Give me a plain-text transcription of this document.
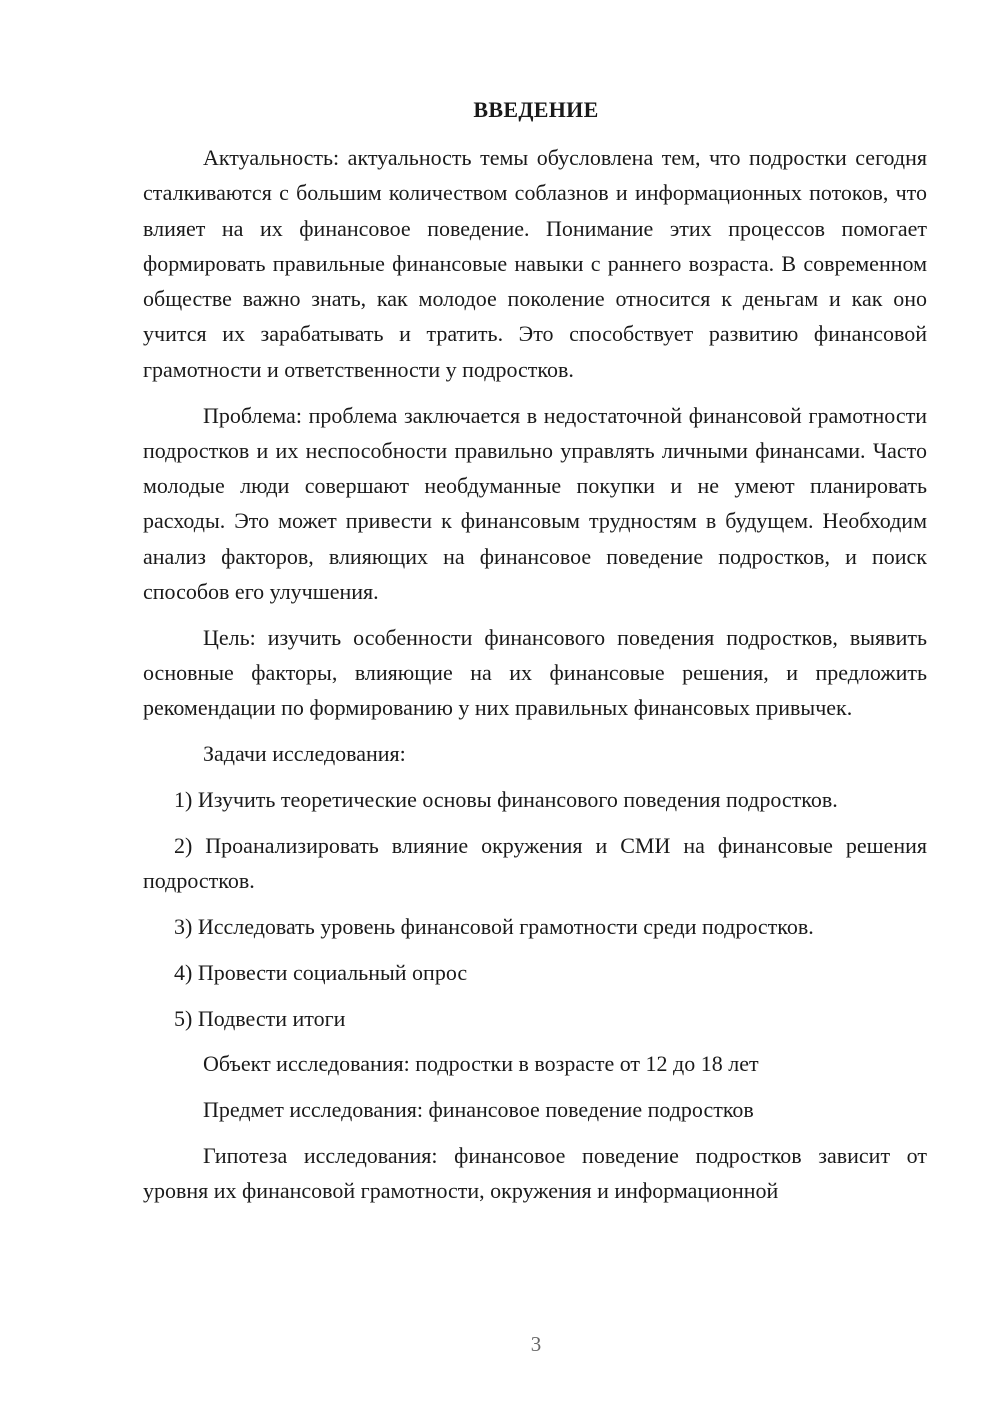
ВВЕДЕНИЕ

Актуальность: актуальность темы обусловлена тем, что подростки сегодня сталкиваются с большим количеством соблазнов и информационных потоков, что влияет на их финансовое поведение. Понимание этих процессов помогает формировать правильные финансовые навыки с раннего возраста. В современном обществе важно знать, как молодое поколение относится к деньгам и как оно учится их зарабатывать и тратить. Это способствует развитию финансовой грамотности и ответственности у подростков.

Проблема: проблема заключается в недостаточной финансовой грамотности подростков и их неспособности правильно управлять личными финансами. Часто молодые люди совершают необдуманные покупки и не умеют планировать расходы. Это может привести к финансовым трудностям в будущем. Необходим анализ факторов, влияющих на финансовое поведение подростков, и поиск способов его улучшения.

Цель: изучить особенности финансового поведения подростков, выявить основные факторы, влияющие на их финансовые решения, и предложить рекомендации по формированию у них правильных финансовых привычек.

Задачи исследования:

1) Изучить теоретические основы финансового поведения подростков.

2) Проанализировать влияние окружения и СМИ на финансовые решения подростков.

3) Исследовать уровень финансовой грамотности среди подростков.

4) Провести социальный опрос

5) Подвести итоги

Объект исследования: подростки в возрасте от 12 до 18 лет

Предмет исследования: финансовое поведение подростков

Гипотеза исследования: финансовое поведение подростков зависит от уровня их финансовой грамотности, окружения и информационной

3
